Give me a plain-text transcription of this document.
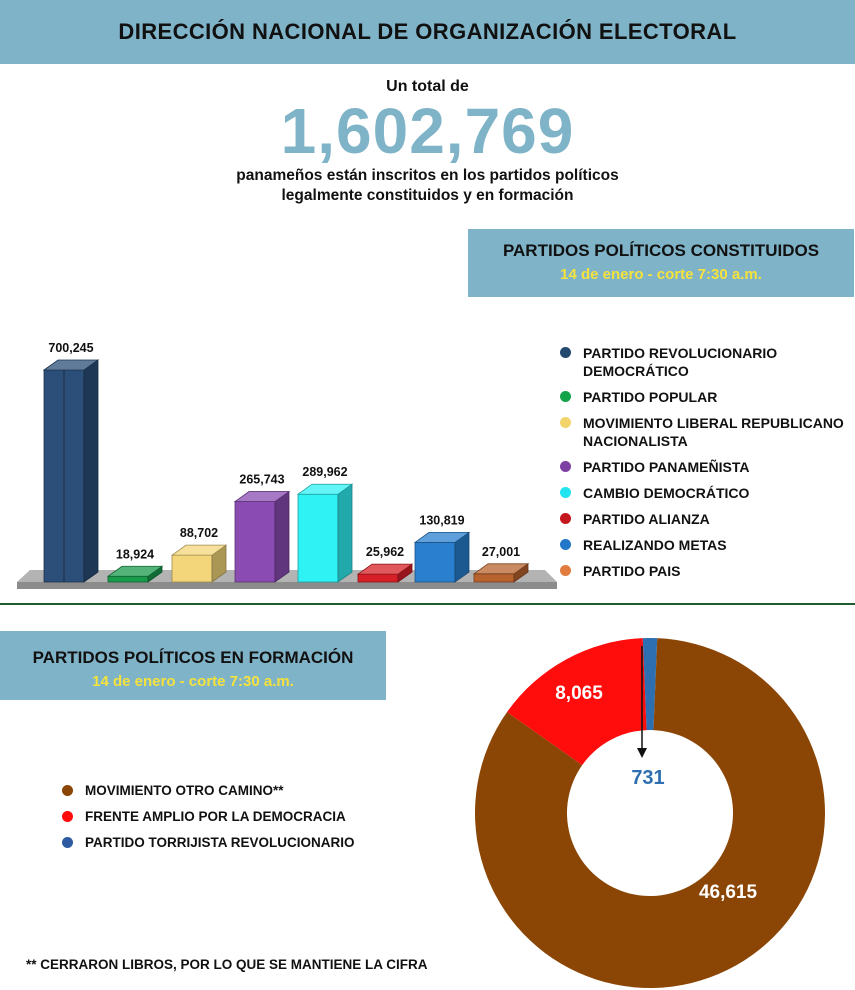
DIRECCIÓN NACIONAL DE ORGANIZACIÓN ELECTORAL
Un total de
1,602,769
panameños están inscritos en los partidos políticos
legalmente constituidos y en formación
PARTIDOS POLÍTICOS CONSTITUIDOS
14 de enero - corte 7:30 a.m.
700,245
18,924
88,702
265,743
289,962
25,962
130,819
27,001
PARTIDO REVOLUCIONARIO DEMOCRÁTICO
PARTIDO POPULAR
MOVIMIENTO LIBERAL REPUBLICANO NACIONALISTA
PARTIDO PANAMEÑISTA
CAMBIO DEMOCRÁTICO
PARTIDO ALIANZA
REALIZANDO METAS
PARTIDO PAIS
PARTIDOS POLÍTICOS EN FORMACIÓN
14 de enero - corte 7:30 a.m.
MOVIMIENTO OTRO CAMINO**
FRENTE AMPLIO POR LA DEMOCRACIA
PARTIDO TORRIJISTA REVOLUCIONARIO
46,615
8,065
731
** CERRARON LIBROS, POR LO QUE SE MANTIENE LA CIFRA
